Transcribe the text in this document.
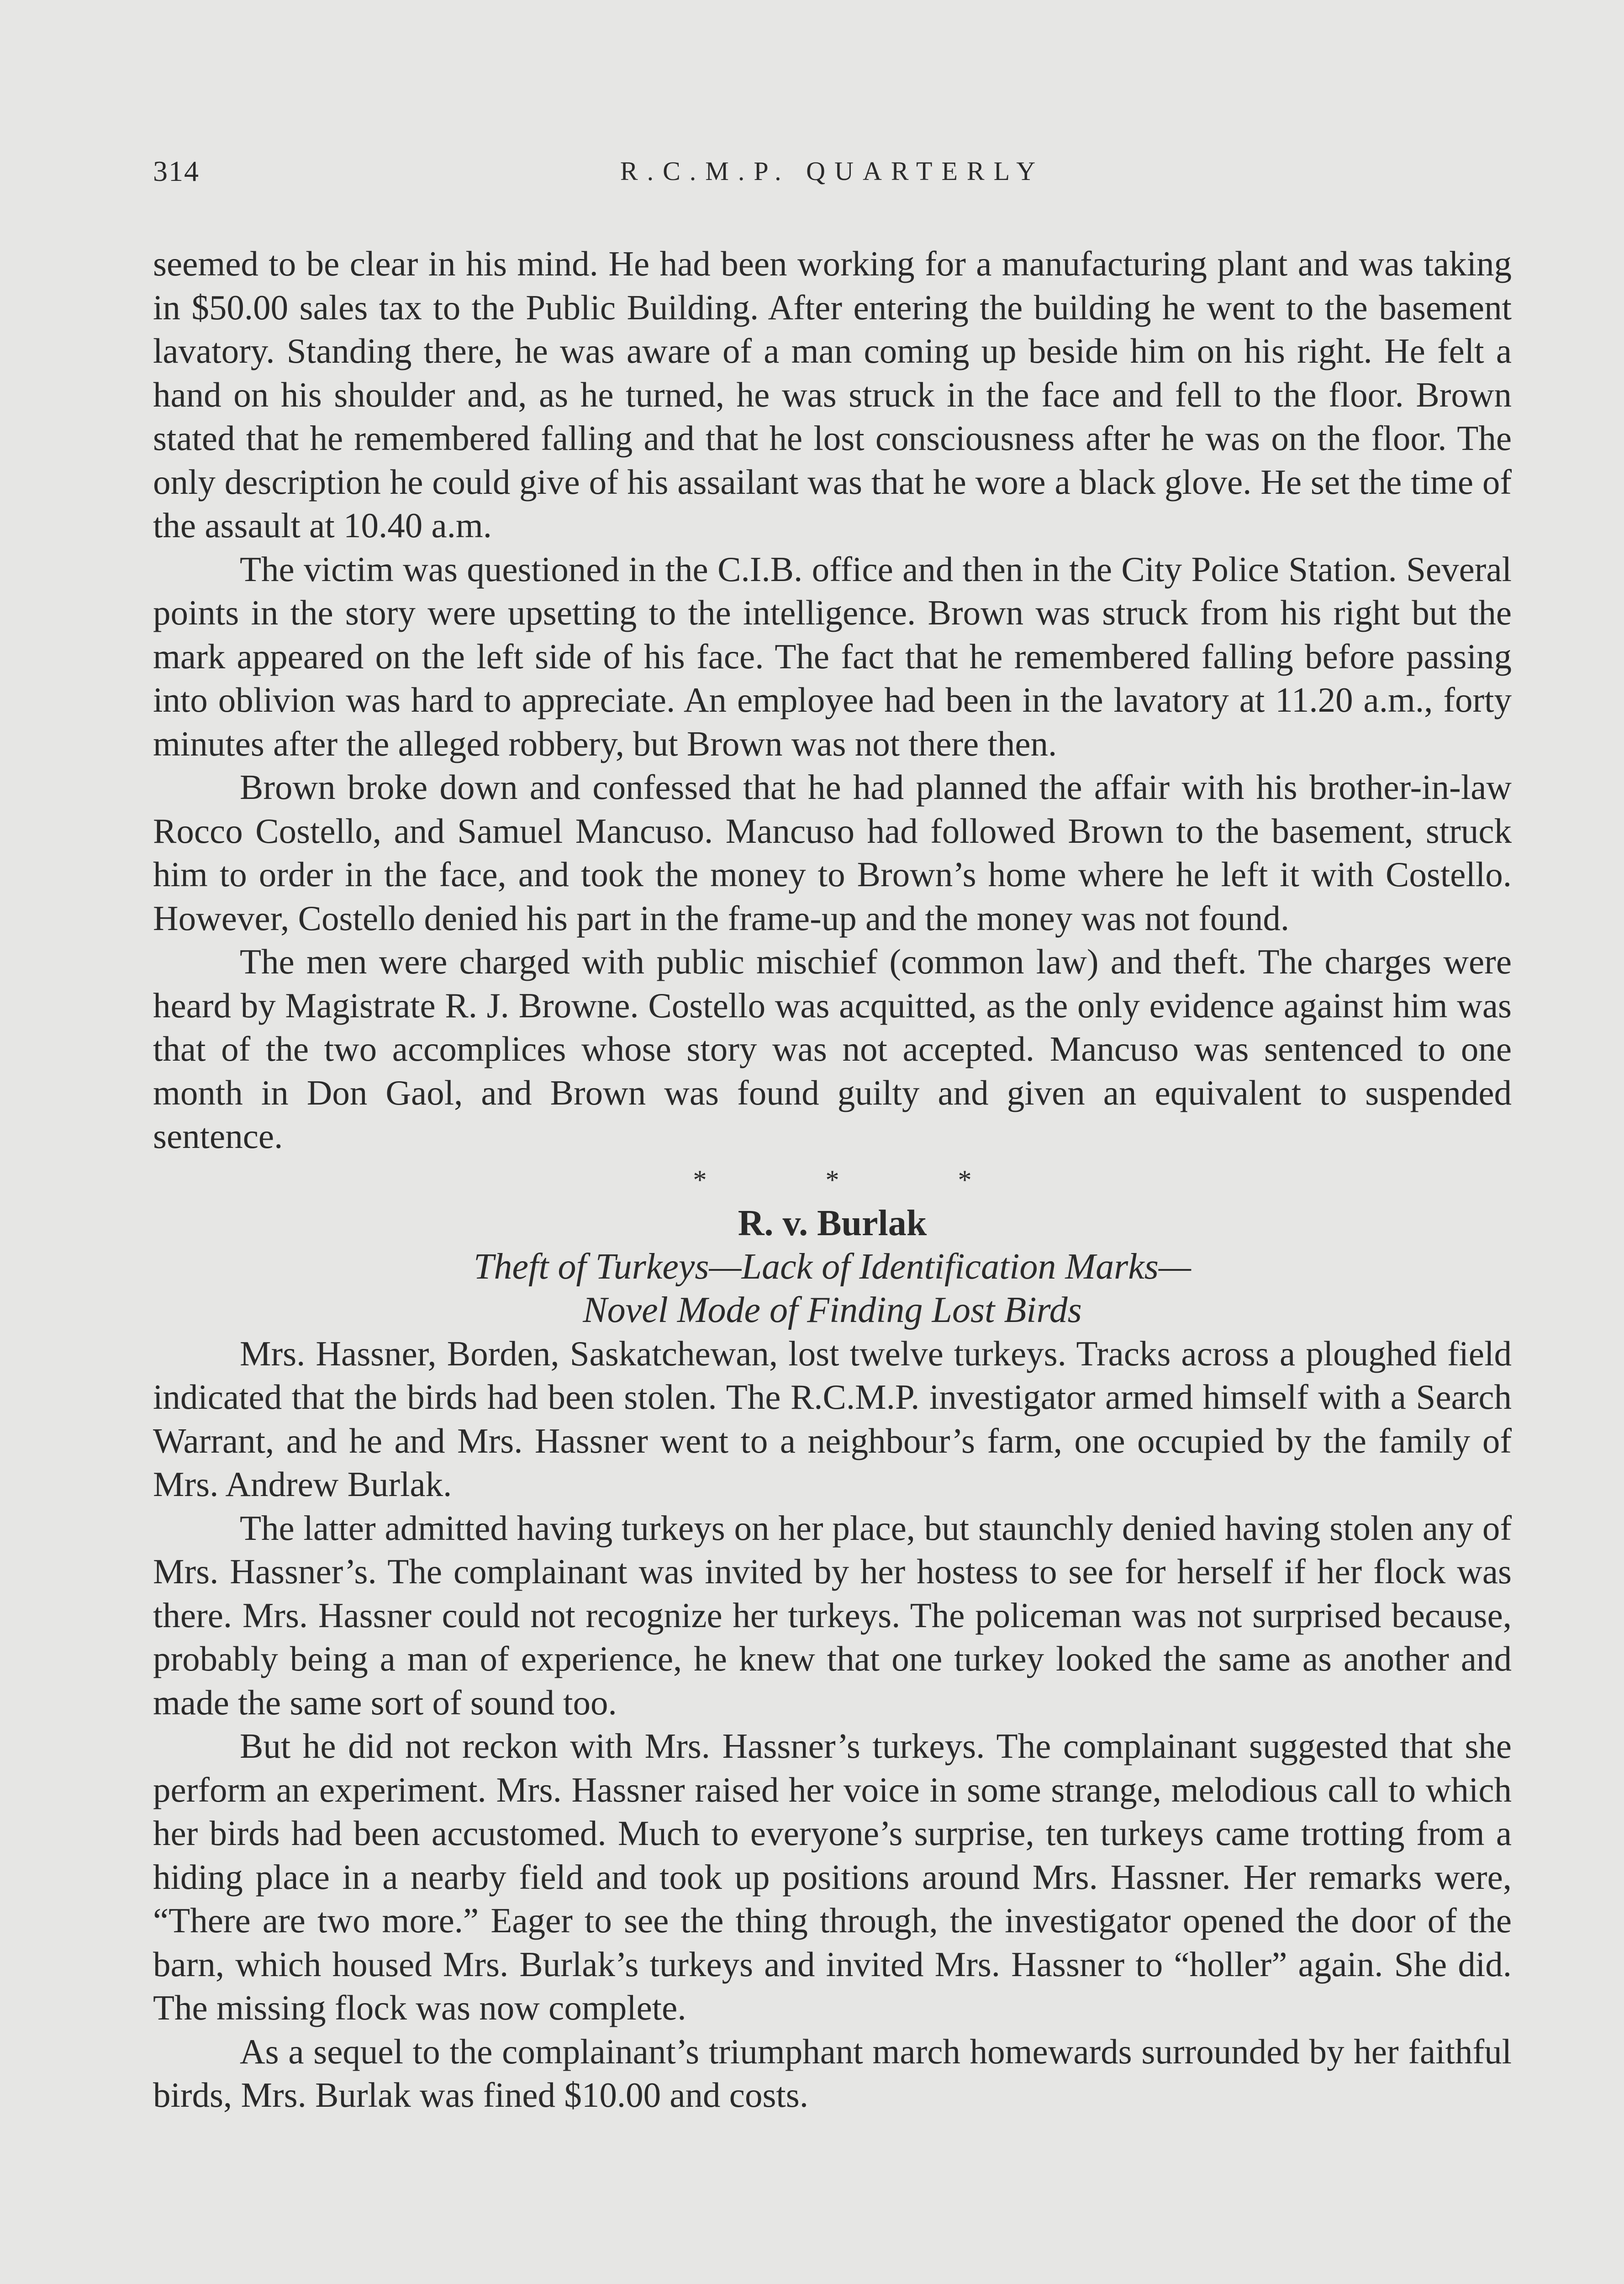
314	R.C.M.P. QUARTERLY

seemed to be clear in his mind. He had been working for a manufacturing plant and was taking in $50.00 sales tax to the Public Building. After entering the building he went to the basement lavatory. Standing there, he was aware of a man coming up beside him on his right. He felt a hand on his shoulder and, as he turned, he was struck in the face and fell to the floor. Brown stated that he remembered falling and that he lost consciousness after he was on the floor. The only description he could give of his assailant was that he wore a black glove. He set the time of the assault at 10.40 a.m.

The victim was questioned in the C.I.B. office and then in the City Police Station. Several points in the story were upsetting to the intelligence. Brown was struck from his right but the mark appeared on the left side of his face. The fact that he remembered falling before passing into oblivion was hard to appreciate. An employee had been in the lavatory at 11.20 a.m., forty minutes after the alleged robbery, but Brown was not there then.

Brown broke down and confessed that he had planned the affair with his brother-in-law Rocco Costello, and Samuel Mancuso. Mancuso had followed Brown to the basement, struck him to order in the face, and took the money to Brown’s home where he left it with Costello. However, Costello denied his part in the frame-up and the money was not found.

The men were charged with public mischief (common law) and theft. The charges were heard by Magistrate R. J. Browne. Costello was acquitted, as the only evidence against him was that of the two accomplices whose story was not accepted. Mancuso was sentenced to one month in Don Gaol, and Brown was found guilty and given an equivalent to suspended sentence.

*	*	*
R. v. Burlak
Theft of Turkeys—Lack of Identification Marks—
Novel Mode of Finding Lost Birds

Mrs. Hassner, Borden, Saskatchewan, lost twelve turkeys. Tracks across a ploughed field indicated that the birds had been stolen. The R.C.M.P. investigator armed himself with a Search Warrant, and he and Mrs. Hassner went to a neighbour’s farm, one occupied by the family of Mrs. Andrew Burlak.

The latter admitted having turkeys on her place, but staunchly denied having stolen any of Mrs. Hassner’s. The complainant was invited by her hostess to see for herself if her flock was there. Mrs. Hassner could not recognize her turkeys. The policeman was not surprised because, probably being a man of experience, he knew that one turkey looked the same as another and made the same sort of sound too.

But he did not reckon with Mrs. Hassner’s turkeys. The complainant suggested that she perform an experiment. Mrs. Hassner raised her voice in some strange, melodious call to which her birds had been accustomed. Much to everyone’s surprise, ten turkeys came trotting from a hiding place in a nearby field and took up positions around Mrs. Hassner. Her remarks were, “There are two more.” Eager to see the thing through, the investigator opened the door of the barn, which housed Mrs. Burlak’s turkeys and invited Mrs. Hassner to “holler” again. She did. The missing flock was now complete.

As a sequel to the complainant’s triumphant march homewards surrounded by her faithful birds, Mrs. Burlak was fined $10.00 and costs.
